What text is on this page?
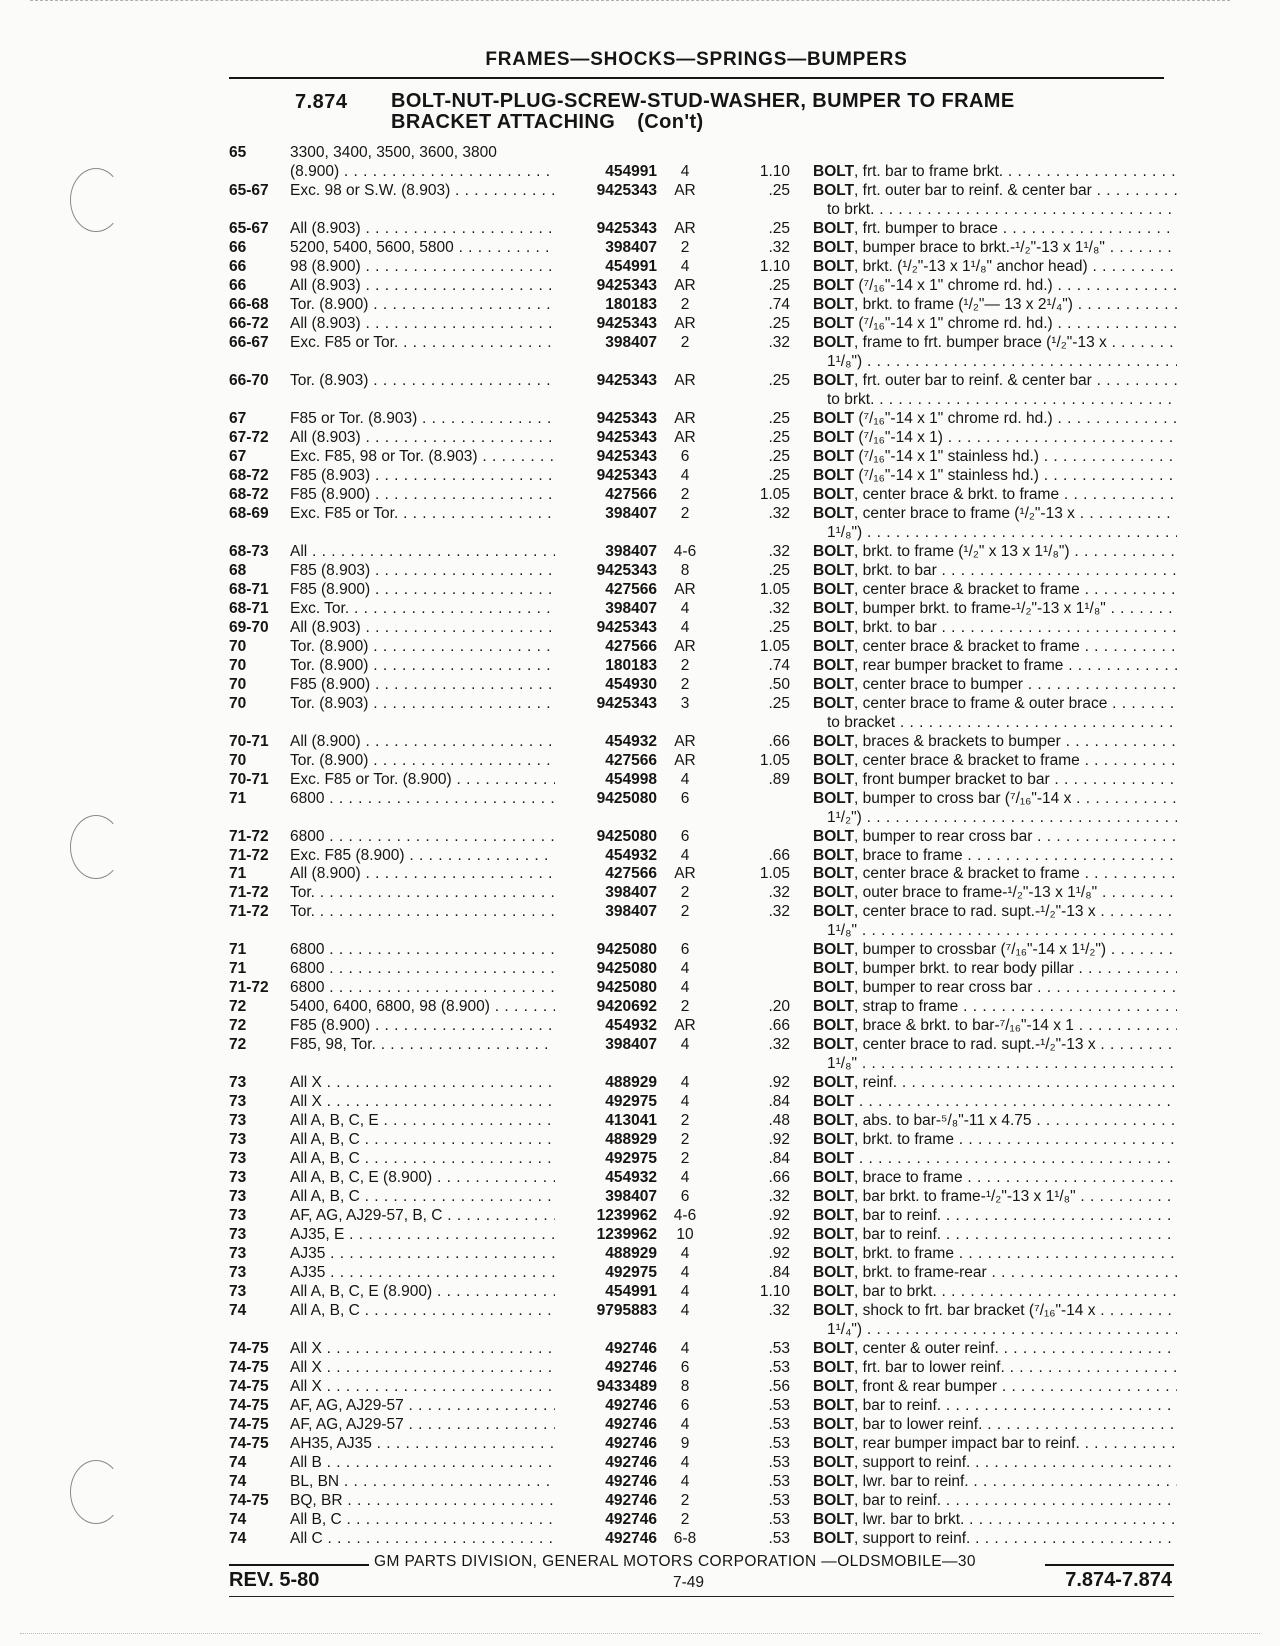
FRAMES—SHOCKS—SPRINGS—BUMPERS
7.874 BOLT-NUT-PLUG-SCREW-STUD-WASHER, BUMPER TO FRAME
BRACKET ATTACHING (Con't)
65	3300, 3400, 3500, 3600, 3800
(8.900) . . .	454991	4	1.10 BOLT, frt. bar to frame brkt. . . .
65-67 Exc. 98 or S.W. (8.903) . . .	9425343	AR	.25 BOLT, frt. outer bar to reinf. & center bar . . .
to brkt. . . .
65-67 All (8.903) . . .	9425343	AR	.25 BOLT, frt. bumper to brace . . .
66	5200, 5400, 5600, 5800 . . .	398407	2	.32 BOLT, bumper brace to brkt.-¹/₂"-13 x 1¹/₈" . . .
66	98 (8.900) . . .	454991	4	1.10 BOLT, brkt. (¹/₂"-13 x 1¹/₈" anchor head) . . .
66	All (8.903) . . .	9425343	AR	.25 BOLT (⁷/₁₆"-14 x 1" chrome rd. hd.) . . .
66-68 Tor. (8.900) . . .	180183	2	.74 BOLT, brkt. to frame (¹/₂"— 13 x 2¹/₄") . . .
66-72 All (8.903) . . .	9425343	AR	.25 BOLT (⁷/₁₆"-14 x 1" chrome rd. hd.) . . .
66-67 Exc. F85 or Tor. . . .	398407	2	.32 BOLT, frame to frt. bumper brace (¹/₂"-13 x . . .
1¹/₈") . . .
66-70 Tor. (8.903) . . .	9425343	AR	.25 BOLT, frt. outer bar to reinf. & center bar . . .
to brkt. . . .
67	F85 or Tor. (8.903) . . .	9425343	AR	.25 BOLT (⁷/₁₆"-14 x 1" chrome rd. hd.) . . .
67-72 All (8.903) . . .	9425343	AR	.25 BOLT (⁷/₁₆"-14 x 1) . . .
67	Exc. F85, 98 or Tor. (8.903) . . .	9425343	6	.25 BOLT (⁷/₁₆"-14 x 1" stainless hd.) . . .
68-72 F85 (8.903) . . .	9425343	4	.25 BOLT (⁷/₁₆"-14 x 1" stainless hd.) . . .
68-72 F85 (8.900) . . .	427566	2	1.05 BOLT, center brace & brkt. to frame . . .
68-69 Exc. F85 or Tor. . . .	398407	2	.32 BOLT, center brace to frame (¹/₂"-13 x . . .
1¹/₈") . . .
68-73 All . . .	398407	4-6	.32 BOLT, brkt. to frame (¹/₂" x 13 x 1¹/₈") . . .
68	F85 (8.903) . . .	9425343	8	.25 BOLT, brkt. to bar . . .
68-71 F85 (8.900) . . .	427566	AR	1.05 BOLT, center brace & bracket to frame . . .
68-71 Exc. Tor. . . .	398407	4	.32 BOLT, bumper brkt. to frame-¹/₂"-13 x 1¹/₈" . . .
69-70 All (8.903) . . .	9425343	4	.25 BOLT, brkt. to bar . . .
70	Tor. (8.900) . . .	427566	AR	1.05 BOLT, center brace & bracket to frame . . .
70	Tor. (8.900) . . .	180183	2	.74 BOLT, rear bumper bracket to frame . . .
70	F85 (8.900) . . .	454930	2	.50 BOLT, center brace to bumper . . .
70	Tor. (8.903) . . .	9425343	3	.25 BOLT, center brace to frame & outer brace . . .
to bracket . . .
70-71 All (8.900) . . .	454932	AR	.66 BOLT, braces & brackets to bumper . . .
70	Tor. (8.900) . . .	427566	AR	1.05 BOLT, center brace & bracket to frame . . .
70-71 Exc. F85 or Tor. (8.900) . . .	454998	4	.89 BOLT, front bumper bracket to bar . . .
71	6800 . . .	9425080	6	BOLT, bumper to cross bar (⁷/₁₆"-14 x . . .
1¹/₂") . . .
71-72 6800 . . .	9425080	6	BOLT, bumper to rear cross bar . . .
71-72 Exc. F85 (8.900) . . .	454932	4	.66 BOLT, brace to frame . . .
71	All (8.900) . . .	427566	AR	1.05 BOLT, center brace & bracket to frame . . .
71-72 Tor. . . .	398407	2	.32 BOLT, outer brace to frame-¹/₂"-13 x 1¹/₈" . . .
71-72 Tor. . . .	398407	2	.32 BOLT, center brace to rad. supt.-¹/₂"-13 x . . .
1¹/₈" . . .
71	6800 . . .	9425080	6	BOLT, bumper to crossbar (⁷/₁₆"-14 x 1¹/₂") . . .
71	6800 . . .	9425080	4	BOLT, bumper brkt. to rear body pillar . . .
71-72 6800 . . .	9425080	4	BOLT, bumper to rear cross bar . . .
72	5400, 6400, 6800, 98 (8.900) . . .	9420692	2	.20 BOLT, strap to frame . . .
72	F85 (8.900) . . .	454932	AR	.66 BOLT, brace & brkt. to bar-⁷/₁₆"-14 x 1 . . .
72	F85, 98, Tor. . . .	398407	4	.32 BOLT, center brace to rad. supt.-¹/₂"-13 x . . .
1¹/₈" . . .
73	All X . . .	488929	4	.92 BOLT, reinf. . . .
73	All X . . .	492975	4	.84 BOLT . . .
73	All A, B, C, E . . .	413041	2	.48 BOLT, abs. to bar-⁵/₈"-11 x 4.75 . . .
73	All A, B, C . . .	488929	2	.92 BOLT, brkt. to frame . . .
73	All A, B, C . . .	492975	2	.84 BOLT . . .
73	All A, B, C, E (8.900) . . .	454932	4	.66 BOLT, brace to frame . . .
73	All A, B, C . . .	398407	6	.32 BOLT, bar brkt. to frame-¹/₂"-13 x 1¹/₈" . . .
73	AF, AG, AJ29-57, B, C . . .	1239962	4-6	.92 BOLT, bar to reinf. . . .
73	AJ35, E . . .	1239962	10	.92 BOLT, bar to reinf. . . .
73	AJ35 . . .	488929	4	.92 BOLT, brkt. to frame . . .
73	AJ35 . . .	492975	4	.84 BOLT, brkt. to frame-rear . . .
73	All A, B, C, E (8.900) . . .	454991	4	1.10 BOLT, bar to brkt. . . .
74	All A, B, C . . .	9795883	4	.32 BOLT, shock to frt. bar bracket (⁷/₁₆"-14 x . . .
1¹/₄") . . .
74-75 All X . . .	492746	4	.53 BOLT, center & outer reinf. . . .
74-75 All X . . .	492746	6	.53 BOLT, frt. bar to lower reinf. . . .
74-75 All X . . .	9433489	8	.56 BOLT, front & rear bumper . . .
74-75 AF, AG, AJ29-57 . . .	492746	6	.53 BOLT, bar to reinf. . . .
74-75 AF, AG, AJ29-57 . . .	492746	4	.53 BOLT, bar to lower reinf. . . .
74-75 AH35, AJ35 . . .	492746	9	.53 BOLT, rear bumper impact bar to reinf. . . .
74	All B . . .	492746	4	.53 BOLT, support to reinf. . . .
74	BL, BN . . .	492746	4	.53 BOLT, lwr. bar to reinf. . . .
74-75 BQ, BR . . .	492746	2	.53 BOLT, bar to reinf. . . .
74	All B, C . . .	492746	2	.53 BOLT, lwr. bar to brkt. . . .
74	All C . . .	492746	6-8	.53 BOLT, support to reinf. . . .
GM PARTS DIVISION, GENERAL MOTORS CORPORATION —OLDSMOBILE—30
REV. 5-80	7-49	7.874-7.874
